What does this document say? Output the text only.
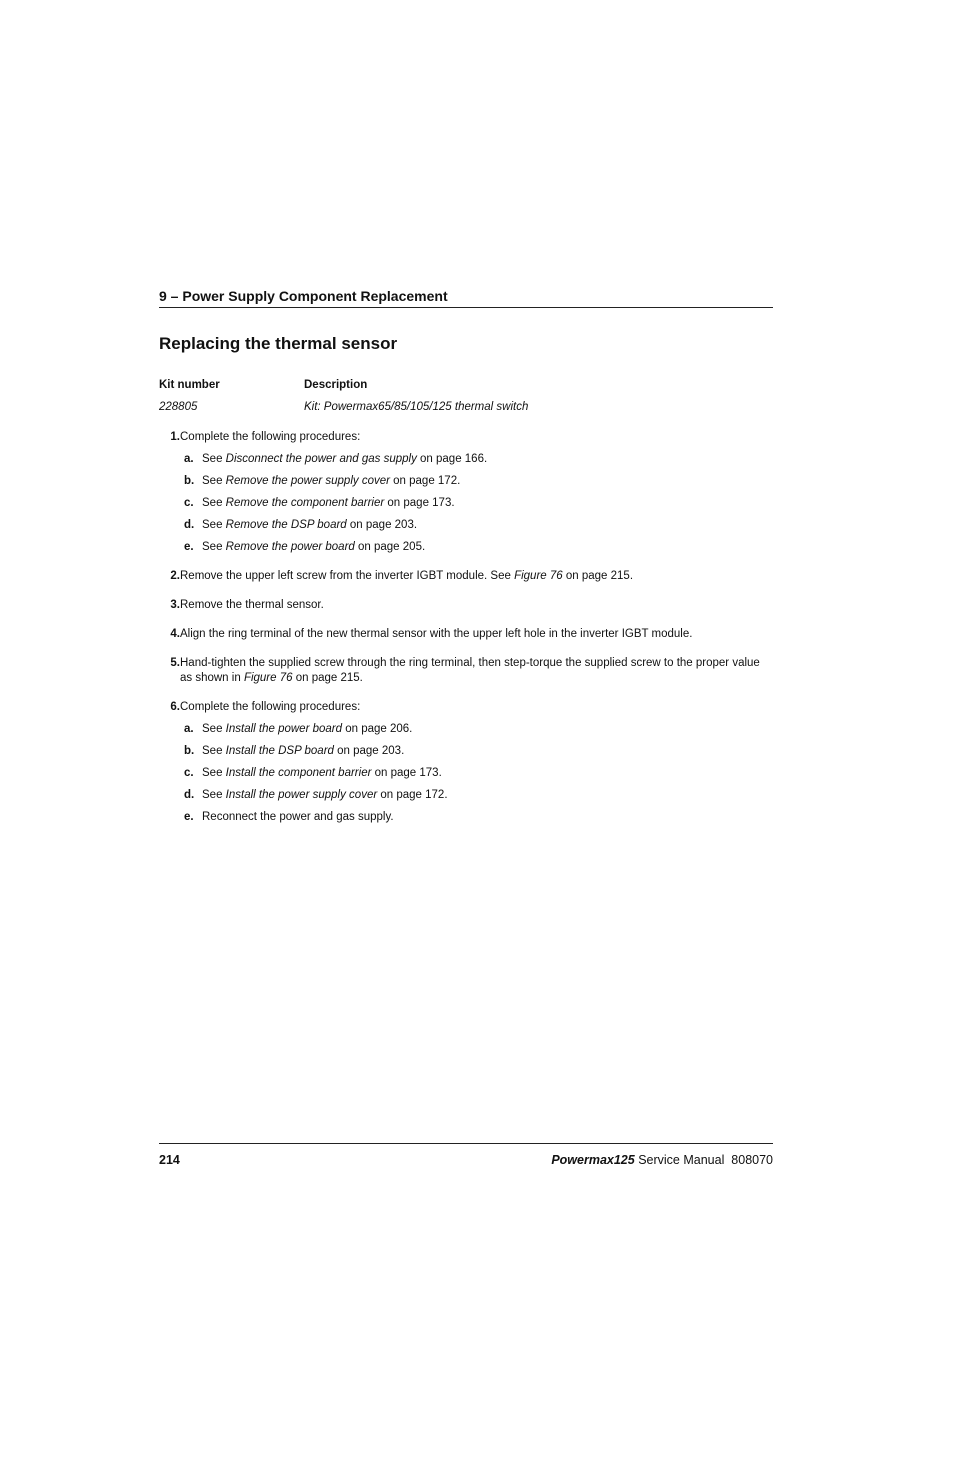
9 – Power Supply Component Replacement
Replacing the thermal sensor
Kit number	Description
228805	Kit: Powermax65/85/105/125 thermal switch
1. Complete the following procedures:
a. See Disconnect the power and gas supply on page 166.
b. See Remove the power supply cover on page 172.
c. See Remove the component barrier on page 173.
d. See Remove the DSP board on page 203.
e. See Remove the power board on page 205.
2. Remove the upper left screw from the inverter IGBT module. See Figure 76 on page 215.
3. Remove the thermal sensor.
4. Align the ring terminal of the new thermal sensor with the upper left hole in the inverter IGBT module.
5. Hand-tighten the supplied screw through the ring terminal, then step-torque the supplied screw to the proper value as shown in Figure 76 on page 215.
6. Complete the following procedures:
a. See Install the power board on page 206.
b. See Install the DSP board on page 203.
c. See Install the component barrier on page 173.
d. See Install the power supply cover on page 172.
e. Reconnect the power and gas supply.
214	Powermax125 Service Manual  808070
